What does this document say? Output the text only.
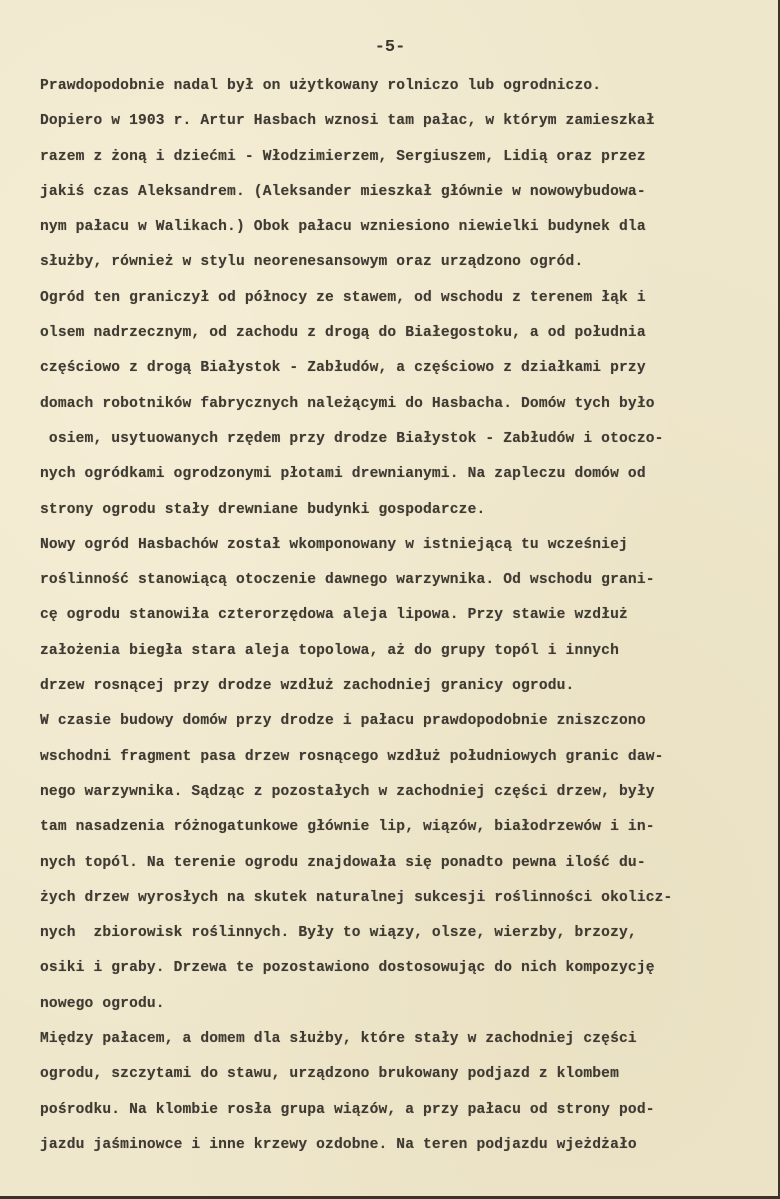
-5-
Prawdopodobnie nadal był on użytkowany rolniczo lub ogrodniczo.
Dopiero w 1903 r. Artur Hasbach wznosi tam pałac, w którym zamieszkał
razem z żoną i dziećmi - Włodzimierzem, Sergiuszem, Lidią oraz przez
jakiś czas Aleksandrem. (Aleksander mieszkał głównie w nowowybudowa-
nym pałacu w Walikach.) Obok pałacu wzniesiono niewielki budynek dla
służby, również w stylu neorenesansowym oraz urządzono ogród.
Ogród ten graniczył od północy ze stawem, od wschodu z terenem łąk i
olsem nadrzecznym, od zachodu z drogą do Białegostoku, a od południa
częściowo z drogą Białystok - Zabłudów, a częściowo z działkami przy
domach robotników fabrycznych należącymi do Hasbacha. Domów tych było
osiem, usytuowanych rzędem przy drodze Białystok - Zabłudów i otoczo-
nych ogródkami ogrodzonymi płotami drewnianymi. Na zapleczu domów od
strony ogrodu stały drewniane budynki gospodarcze.
Nowy ogród Hasbachów został wkomponowany w istniejącą tu wcześniej
roślinność stanowiącą otoczenie dawnego warzywnika. Od wschodu grani-
cę ogrodu stanowiła czterorzędowa aleja lipowa. Przy stawie wzdłuż
założenia biegła stara aleja topolowa, aż do grupy topól i innych
drzew rosnącej przy drodze wzdłuż zachodniej granicy ogrodu.
W czasie budowy domów przy drodze i pałacu prawdopodobnie zniszczono
wschodni fragment pasa drzew rosnącego wzdłuż południowych granic daw-
nego warzywnika. Sądząc z pozostałych w zachodniej części drzew, były
tam nasadzenia różnogatunkowe głównie lip, wiązów, białodrzewów i in-
nych topól. Na terenie ogrodu znajdowała się ponadto pewna ilość du-
żych drzew wyrosłych na skutek naturalnej sukcesji roślinności okolicz-
nych  zbiorowisk roślinnych. Były to wiązy, olsze, wierzby, brzozy,
osiki i graby. Drzewa te pozostawiono dostosowując do nich kompozycję
nowego ogrodu.
Między pałacem, a domem dla służby, które stały w zachodniej części
ogrodu, szczytami do stawu, urządzono brukowany podjazd z klombem
pośrodku. Na klombie rosła grupa wiązów, a przy pałacu od strony pod-
jazdu jaśminowce i inne krzewy ozdobne. Na teren podjazdu wjeżdżało
